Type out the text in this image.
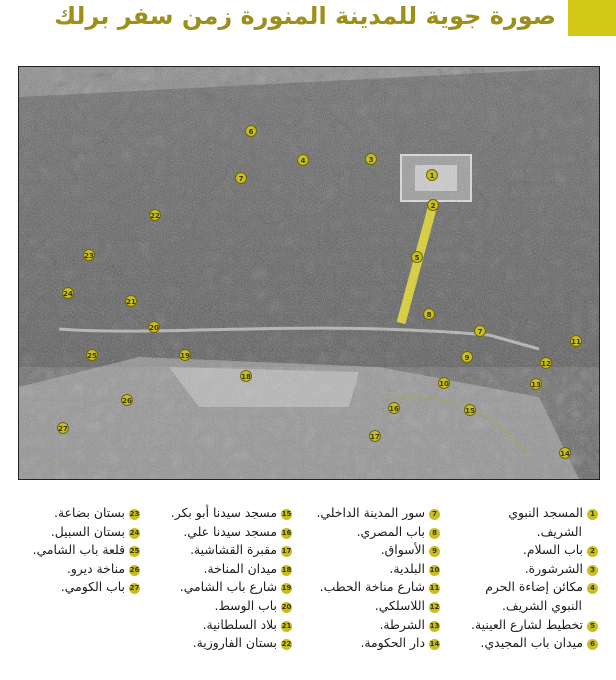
صورة جوية للمدينة المنورة زمن سفر برلك
1
2
3
4
5
6
7
8
7
9
10
11
12
13
14
15
16
17
18
19
20
21
22
23
24
25
26
27
1المسجد النبوي
الشريف.
2باب السلام.
3الشرشورة.
4مكائن إضاءة الحرم
النبوي الشريف.
5تخطيط لشارع العينية.
6ميدان باب المجيدي.
7سور المدينة الداخلي.
8باب المصري.
9الأسواق.
10البلدية.
11شارع مناخة الحطب.
12اللاسلكي.
13الشرطة.
14دار الحكومة.
15مسجد سيدنا أبو بكر.
16مسجد سيدنا علي.
17مقبرة القشاشية.
18ميدان المناخة.
19شارع باب الشامي.
20باب الوسط.
21بلاد السلطانية.
22بستان الفاروزية.
23بستان بضاعة.
24بستان السبيل.
25قلعة باب الشامي.
26مناخة ديرو.
27باب الكومي.
